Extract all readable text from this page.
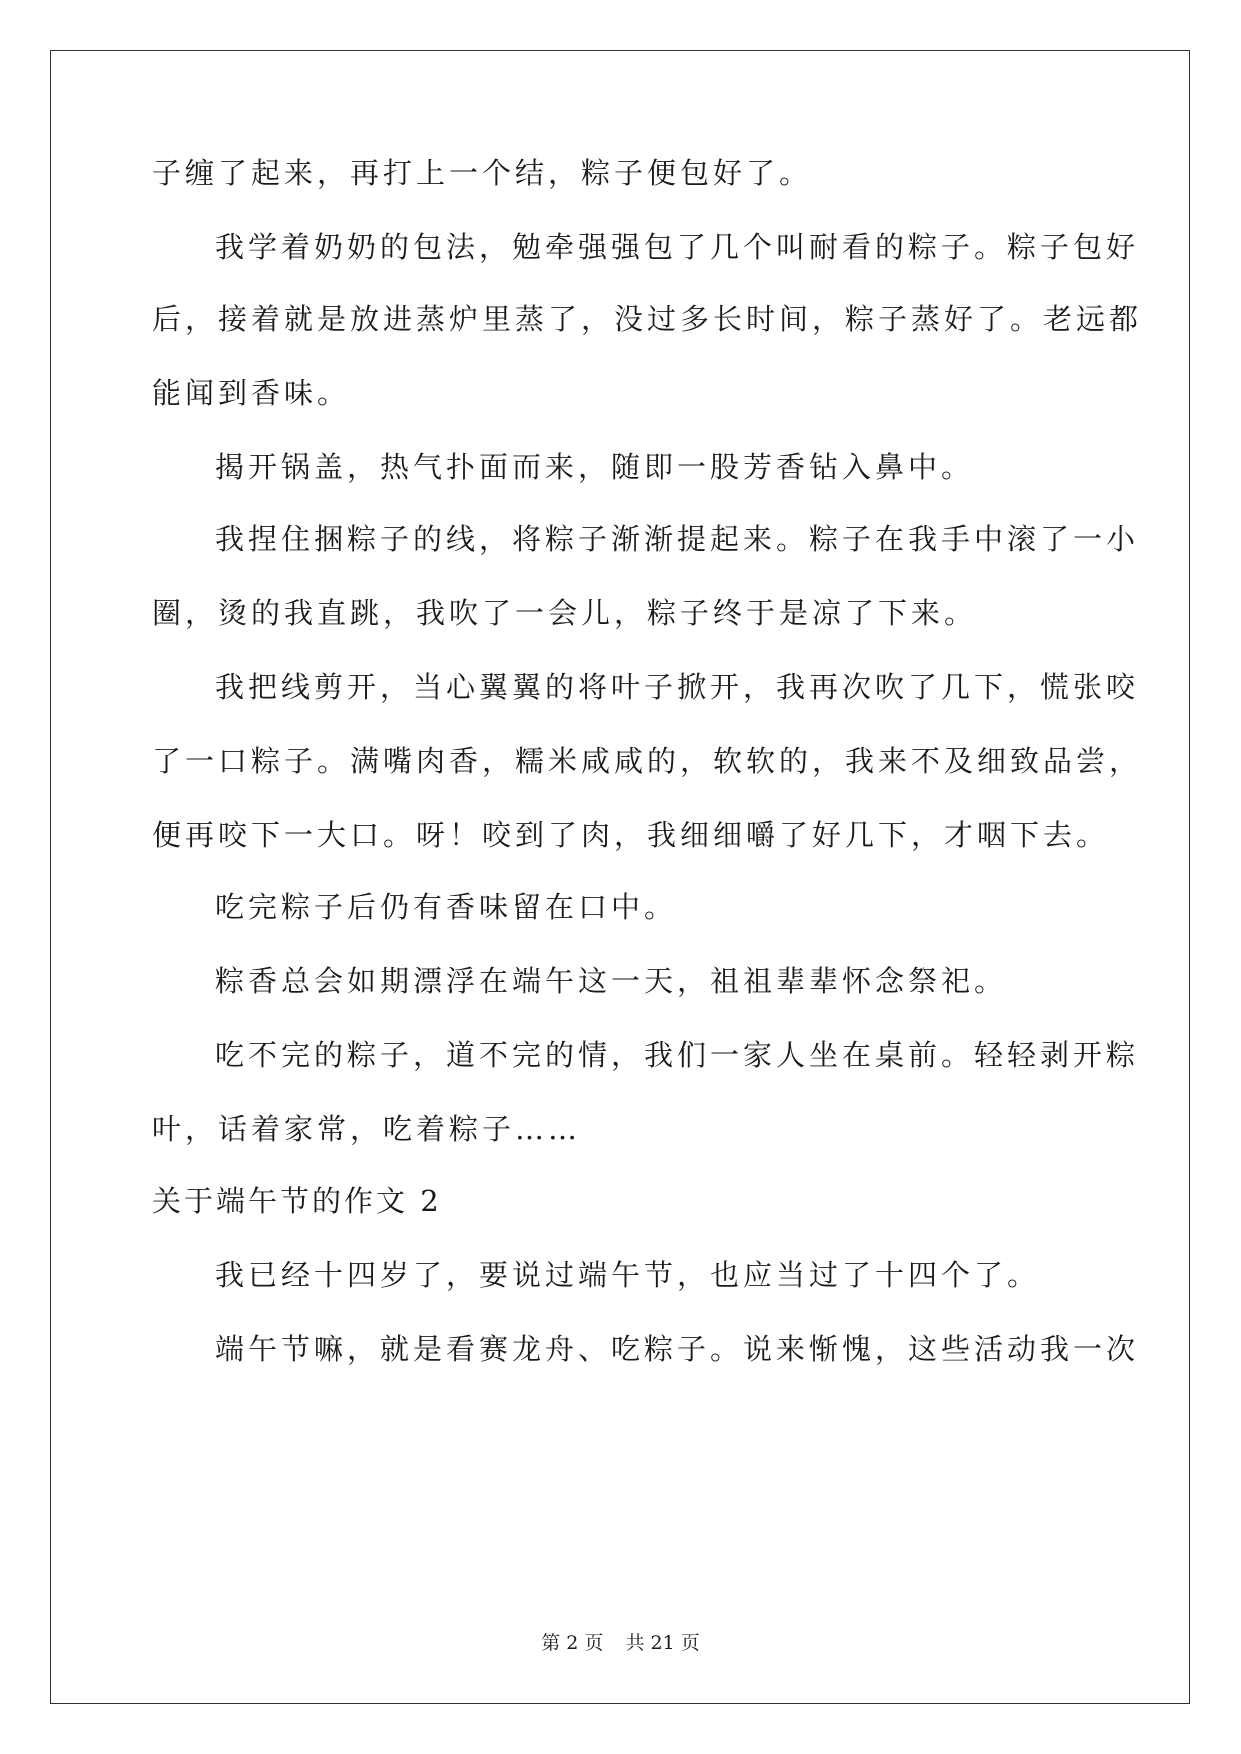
子缠了起来，再打上一个结，粽子便包好了。
我学着奶奶的包法，勉牵强强包了几个叫耐看的粽子。粽子包好
后，接着就是放进蒸炉里蒸了，没过多长时间，粽子蒸好了。老远都
能闻到香味。
揭开锅盖，热气扑面而来，随即一股芳香钻入鼻中。
我捏住捆粽子的线，将粽子渐渐提起来。粽子在我手中滚了一小
圈，烫的我直跳，我吹了一会儿，粽子终于是凉了下来。
我把线剪开，当心翼翼的将叶子掀开，我再次吹了几下，慌张咬
了一口粽子。满嘴肉香，糯米咸咸的，软软的，我来不及细致品尝，
便再咬下一大口。呀！咬到了肉，我细细嚼了好几下，才咽下去。
吃完粽子后仍有香味留在口中。
粽香总会如期漂浮在端午这一天，祖祖辈辈怀念祭祀。
吃不完的粽子，道不完的情，我们一家人坐在桌前。轻轻剥开粽
叶，话着家常，吃着粽子……
关于端午节的作文 2
我已经十四岁了，要说过端午节，也应当过了十四个了。
端午节嘛，就是看赛龙舟、吃粽子。说来惭愧，这些活动我一次
第 2 页 共 21 页
